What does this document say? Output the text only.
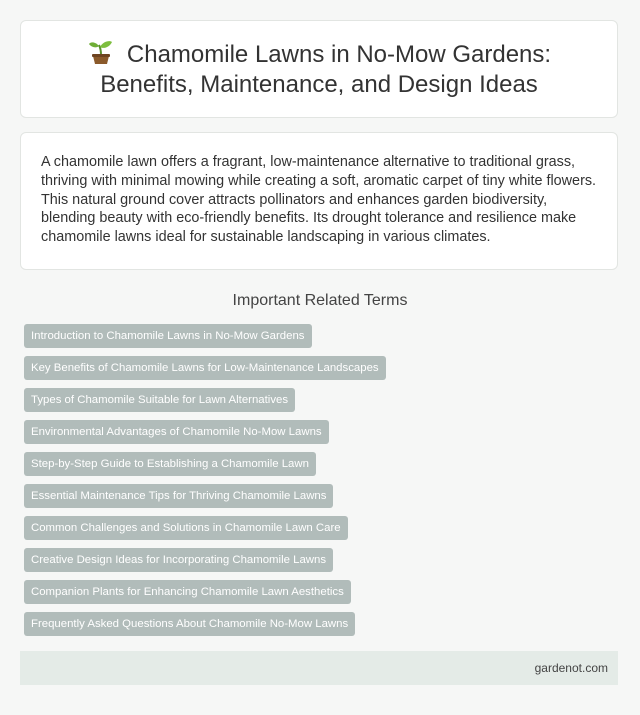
Chamomile Lawns in No-Mow Gardens: Benefits, Maintenance, and Design Ideas

A chamomile lawn offers a fragrant, low-maintenance alternative to traditional grass, thriving with minimal mowing while creating a soft, aromatic carpet of tiny white flowers. This natural ground cover attracts pollinators and enhances garden biodiversity, blending beauty with eco-friendly benefits. Its drought tolerance and resilience make chamomile lawns ideal for sustainable landscaping in various climates.

Important Related Terms
Introduction to Chamomile Lawns in No-Mow Gardens
Key Benefits of Chamomile Lawns for Low-Maintenance Landscapes
Types of Chamomile Suitable for Lawn Alternatives
Environmental Advantages of Chamomile No-Mow Lawns
Step-by-Step Guide to Establishing a Chamomile Lawn
Essential Maintenance Tips for Thriving Chamomile Lawns
Common Challenges and Solutions in Chamomile Lawn Care
Creative Design Ideas for Incorporating Chamomile Lawns
Companion Plants for Enhancing Chamomile Lawn Aesthetics
Frequently Asked Questions About Chamomile No-Mow Lawns
gardenot.com
